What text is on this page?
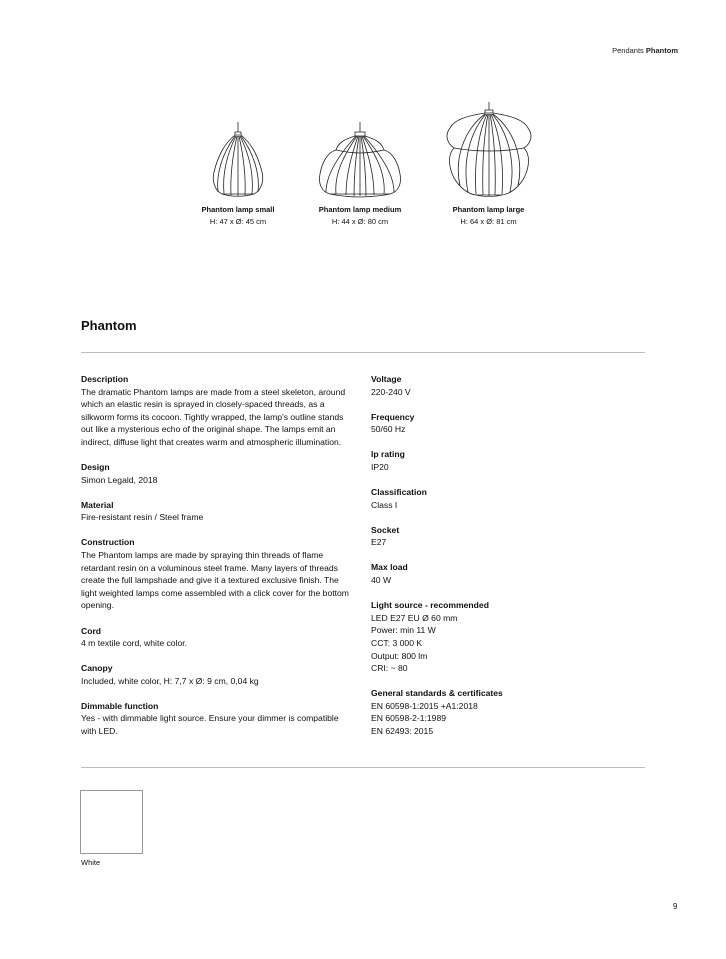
Pendants Phantom
Phantom lamp small
H: 47 x Ø: 45 cm
Phantom lamp medium
H: 44 x Ø: 80 cm
Phantom lamp large
H: 64 x Ø: 81 cm
Phantom
Description
The dramatic Phantom lamps are made from a steel skeleton, around which an elastic resin is sprayed in closely-spaced threads, as a silkworm forms its cocoon. Tightly wrapped, the lamp's outline stands out like a mysterious echo of the original shape. The lamps emit an indirect, diffuse light that creates warm and atmospheric illumination.
Design
Simon Legald, 2018
Material
Fire-resistant resin / Steel frame
Construction
The Phantom lamps are made by spraying thin threads of flame retardant resin on a voluminous steel frame. Many layers of threads create the full lampshade and give it a textured exclusive finish. The light weighted lamps come assembled with a click cover for the bottom opening.
Cord
4 m textile cord, white color.
Canopy
Included, white color, H: 7,7 x Ø: 9 cm, 0,04 kg
Dimmable function
Yes - with dimmable light source. Ensure your dimmer is compatible with LED.
Voltage
220-240 V
Frequency
50/60 Hz
Ip rating
IP20
Classification
Class I
Socket
E27
Max load
40 W
Light source - recommended
LED E27 EU Ø 60 mm
Power: min 11 W
CCT: 3 000 K
Output: 800 lm
CRI: ~ 80
General standards & certificates
EN 60598-1:2015 +A1:2018
EN 60598-2-1:1989
EN 62493: 2015
White
9
